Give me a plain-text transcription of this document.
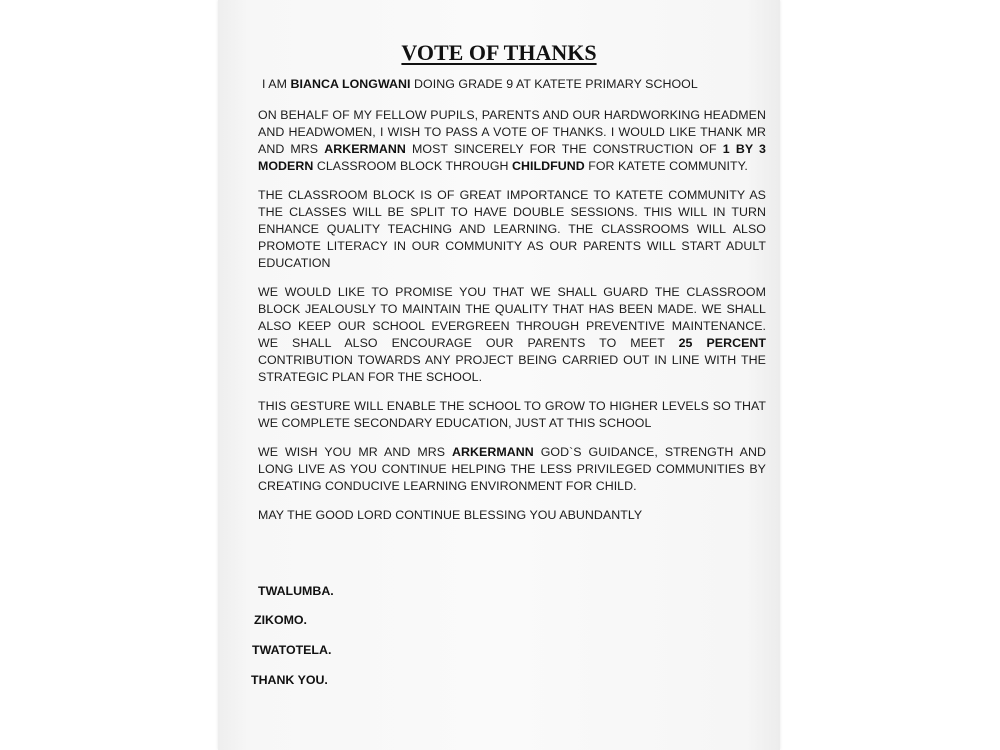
VOTE OF THANKS

I AM BIANCA LONGWANI DOING GRADE 9 AT KATETE PRIMARY SCHOOL

ON BEHALF OF MY FELLOW PUPILS, PARENTS AND OUR HARDWORKING HEADMEN AND HEADWOMEN, I WISH TO PASS A VOTE OF THANKS. I WOULD LIKE THANK MR AND MRS ARKERMANN MOST SINCERELY FOR THE CONSTRUCTION OF 1 BY 3 MODERN CLASSROOM BLOCK THROUGH CHILDFUND FOR KATETE COMMUNITY.

THE CLASSROOM BLOCK IS OF GREAT IMPORTANCE TO KATETE COMMUNITY AS THE CLASSES WILL BE SPLIT TO HAVE DOUBLE SESSIONS. THIS WILL IN TURN ENHANCE QUALITY TEACHING AND LEARNING. THE CLASSROOMS WILL ALSO PROMOTE LITERACY IN OUR COMMUNITY AS OUR PARENTS WILL START ADULT EDUCATION

WE WOULD LIKE TO PROMISE YOU THAT WE SHALL GUARD THE CLASSROOM BLOCK JEALOUSLY TO MAINTAIN THE QUALITY THAT HAS BEEN MADE. WE SHALL ALSO KEEP OUR SCHOOL EVERGREEN THROUGH PREVENTIVE MAINTENANCE. WE SHALL ALSO ENCOURAGE OUR PARENTS TO MEET 25 PERCENT CONTRIBUTION TOWARDS ANY PROJECT BEING CARRIED OUT IN LINE WITH THE STRATEGIC PLAN FOR THE SCHOOL.

THIS GESTURE WILL ENABLE THE SCHOOL TO GROW TO HIGHER LEVELS SO THAT WE COMPLETE SECONDARY EDUCATION, JUST AT THIS SCHOOL

WE WISH YOU MR AND MRS ARKERMANN GOD`S GUIDANCE, STRENGTH AND LONG LIVE AS YOU CONTINUE HELPING THE LESS PRIVILEGED COMMUNITIES BY CREATING CONDUCIVE LEARNING ENVIRONMENT FOR CHILD.

MAY THE GOOD LORD CONTINUE BLESSING YOU ABUNDANTLY

TWALUMBA.

ZIKOMO.

TWATOTELA.

THANK YOU.
